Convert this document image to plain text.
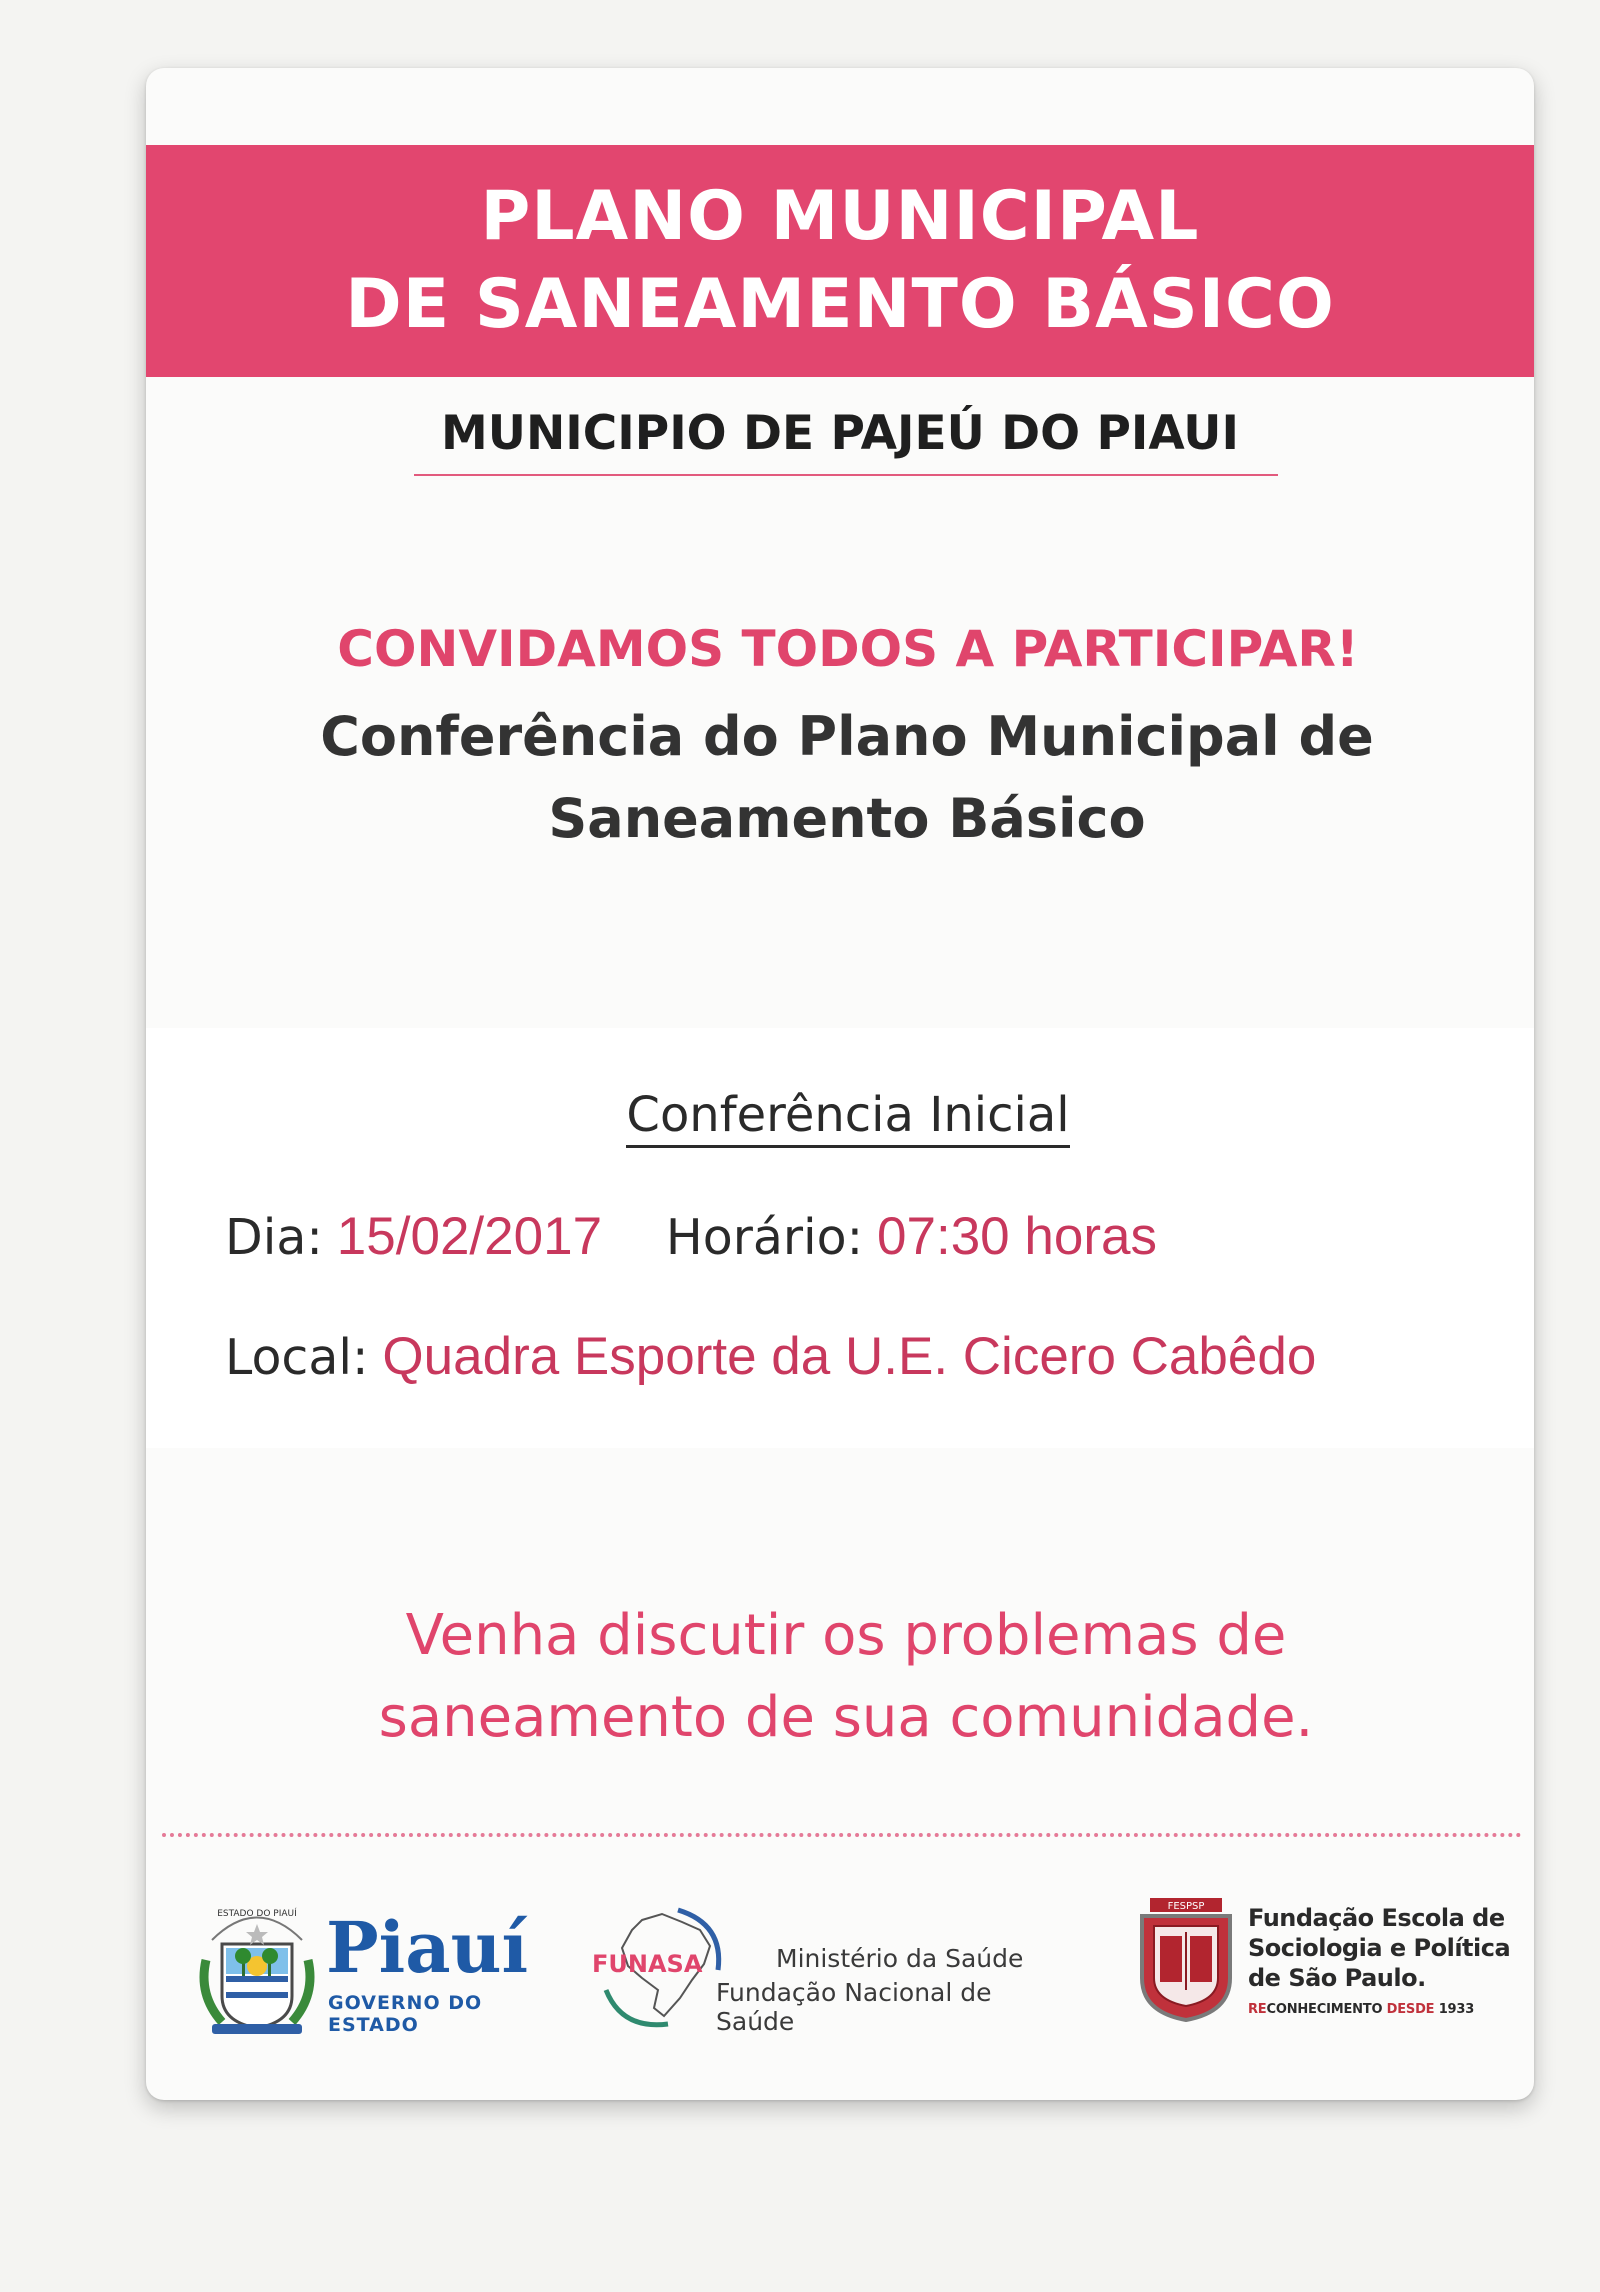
PLANO MUNICIPAL
DE SANEAMENTO BÁSICO
MUNICIPIO DE PAJEÚ DO PIAUI
CONVIDAMOS TODOS A PARTICIPAR!
Conferência do Plano Municipal de
Saneamento Básico
Conferência Inicial
Dia: 15/02/2017 Horário: 07:30 horas
Local: Quadra Esporte da U.E. Cicero Cabêdo
Venha discutir os problemas de
saneamento de sua comunidade.
ESTADO DO PIAUÍ Piauí
GOVERNO DO ESTADO
FUNASA	Ministério da Saúde
Fundação Nacional de Saúde
FESPSP Fundação Escola de
Sociologia e Política
de São Paulo.
RECONHECIMENTO DESDE 1933
